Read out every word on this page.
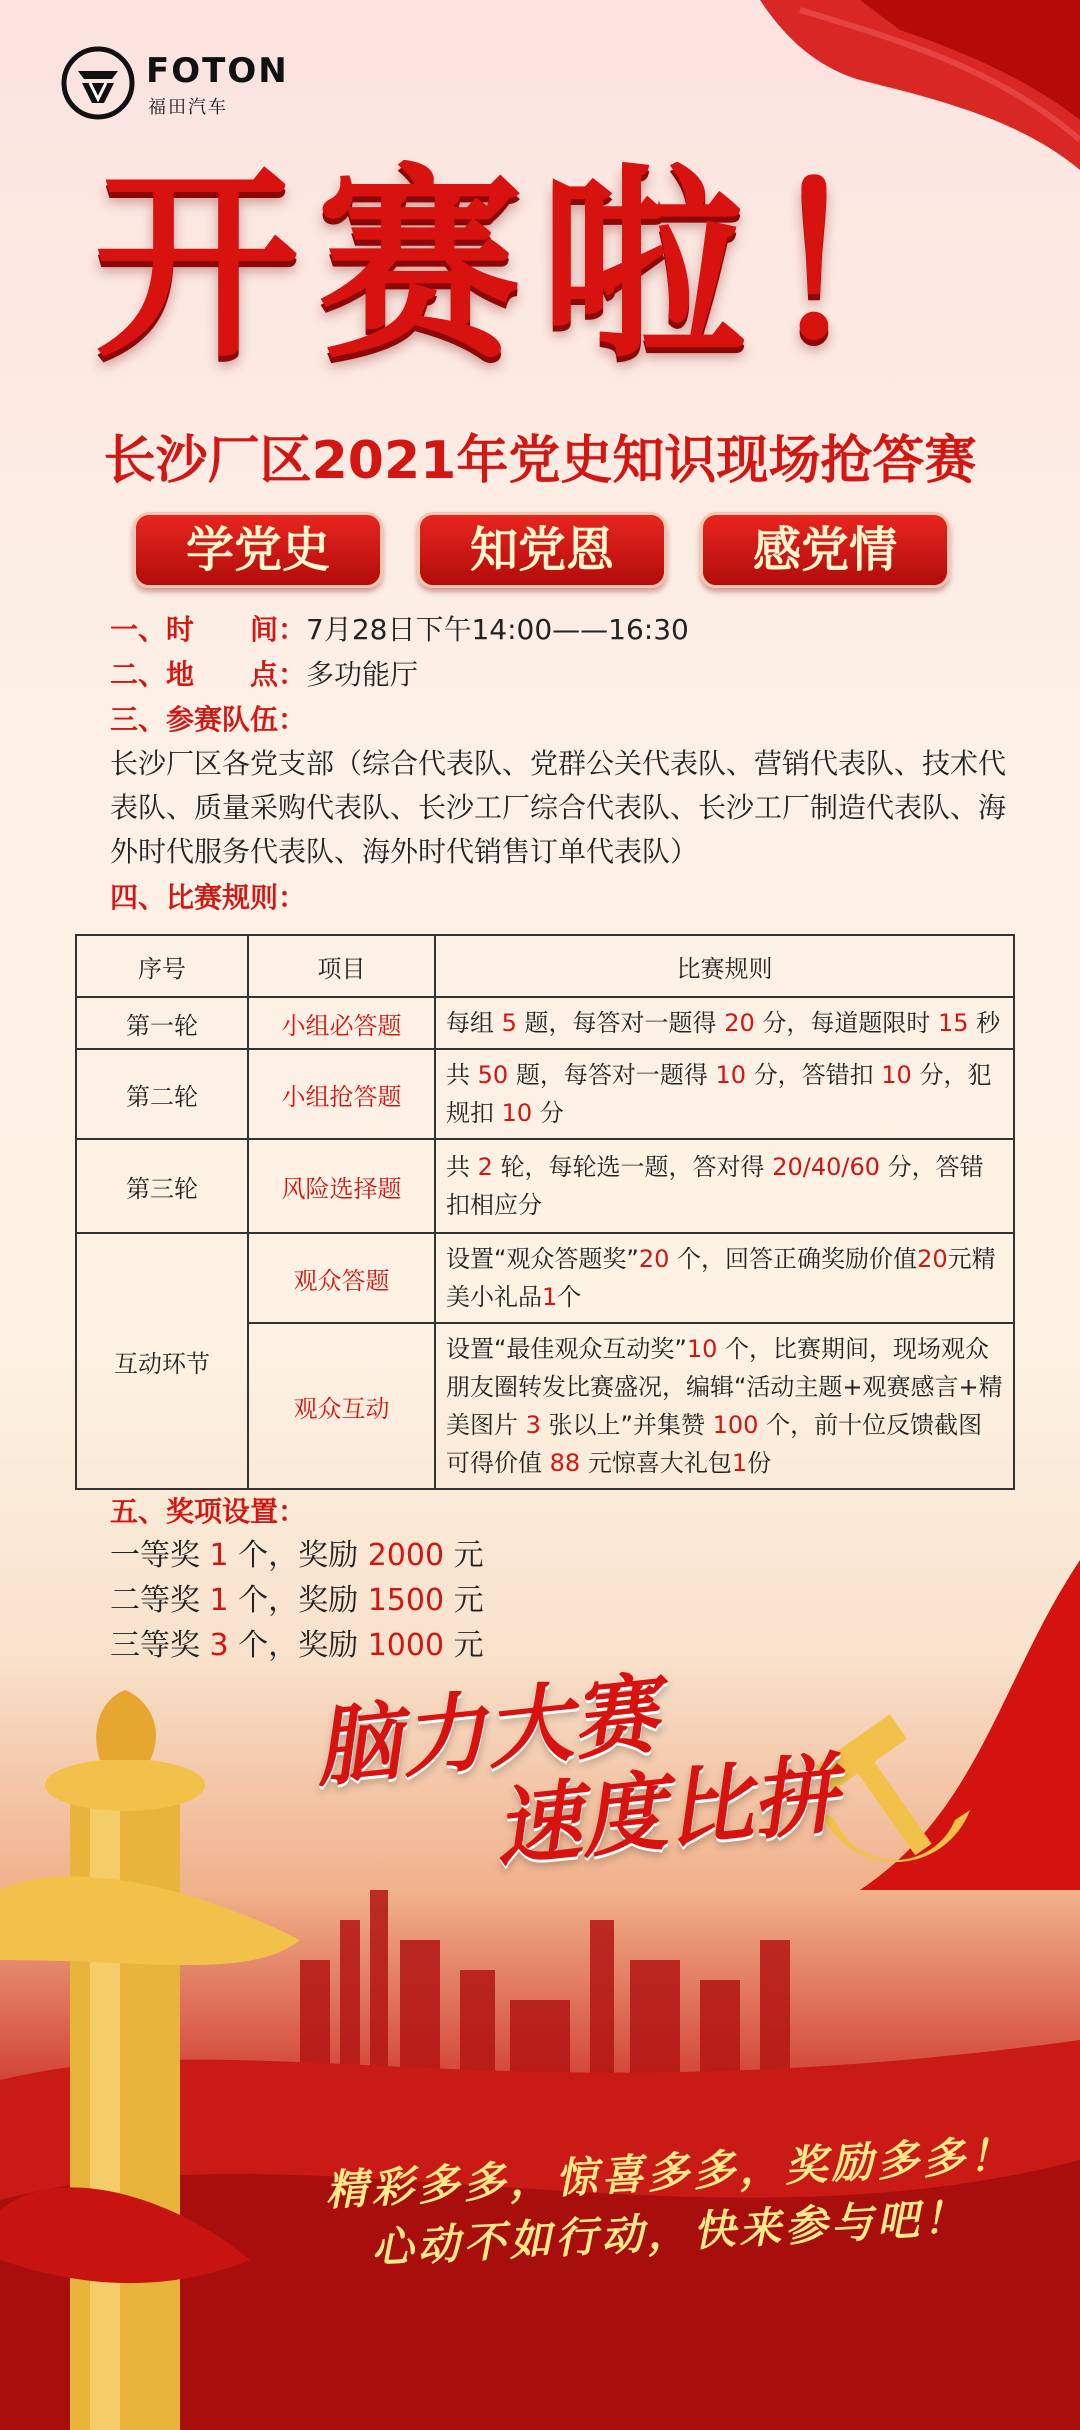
FOTON
福田汽车
开赛啦！
长沙厂区2021年党史知识现场抢答赛
学党史	知党恩	感党情
一、时　　间：7月28日下午14:00——16:30
二、地　　点：多功能厅
三、参赛队伍：
长沙厂区各党支部（综合代表队、党群公关代表队、营销代表队、技术代表队、质量采购代表队、长沙工厂综合代表队、长沙工厂制造代表队、海外时代服务代表队、海外时代销售订单代表队）
四、比赛规则：
序号	项目	比赛规则
第一轮	小组必答题	每组 5 题，每答对一题得 20 分，每道题限时 15 秒
第二轮	小组抢答题	共 50 题，每答对一题得 10 分，答错扣 10 分，犯规扣 10 分
第三轮	风险选择题	共 2 轮，每轮选一题，答对得 20/40/60 分，答错扣相应分
互动环节	观众答题	设置“观众答题奖”20 个，回答正确奖励价值20元精美小礼品1个
	观众互动	设置“最佳观众互动奖”10 个，比赛期间，现场观众朋友圈转发比赛盛况，编辑“活动主题+观赛感言+精美图片 3 张以上”并集赞 100 个，前十位反馈截图可得价值 88 元惊喜大礼包1份
五、奖项设置：
一等奖 1 个，奖励 2000 元
二等奖 1 个，奖励 1500 元
三等奖 3 个，奖励 1000 元
脑力大赛
速度比拼
精彩多多，惊喜多多，奖励多多！
心动不如行动，快来参与吧！
